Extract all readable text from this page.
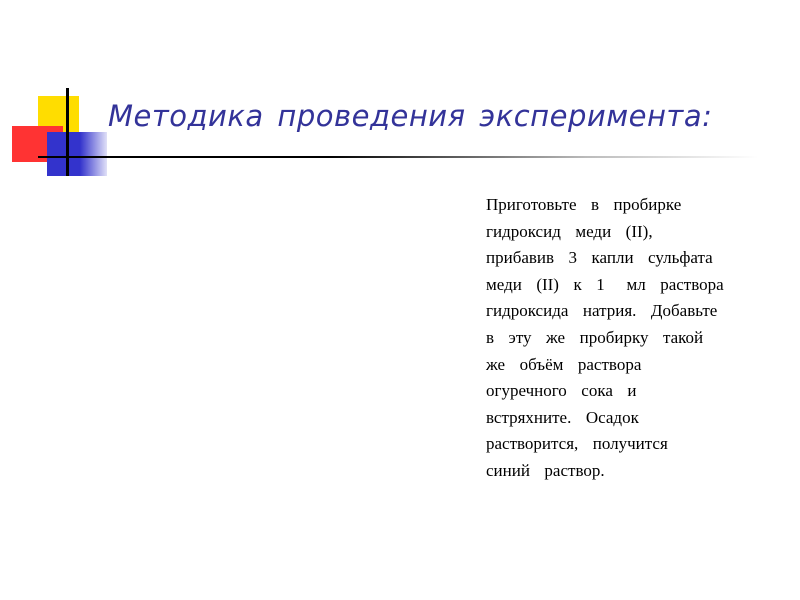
Методика проведения эксперимента:

Приготовьте  в  пробирке
гидроксид  меди  (II),
прибавив  3  капли  сульфата
меди  (II)  к  1   мл  раствора
гидроксида  натрия.  Добавьте
в  эту  же  пробирку  такой
же  объём  раствора
огуречного  сока  и
встряхните.  Осадок
растворится,  получится
синий  раствор.
